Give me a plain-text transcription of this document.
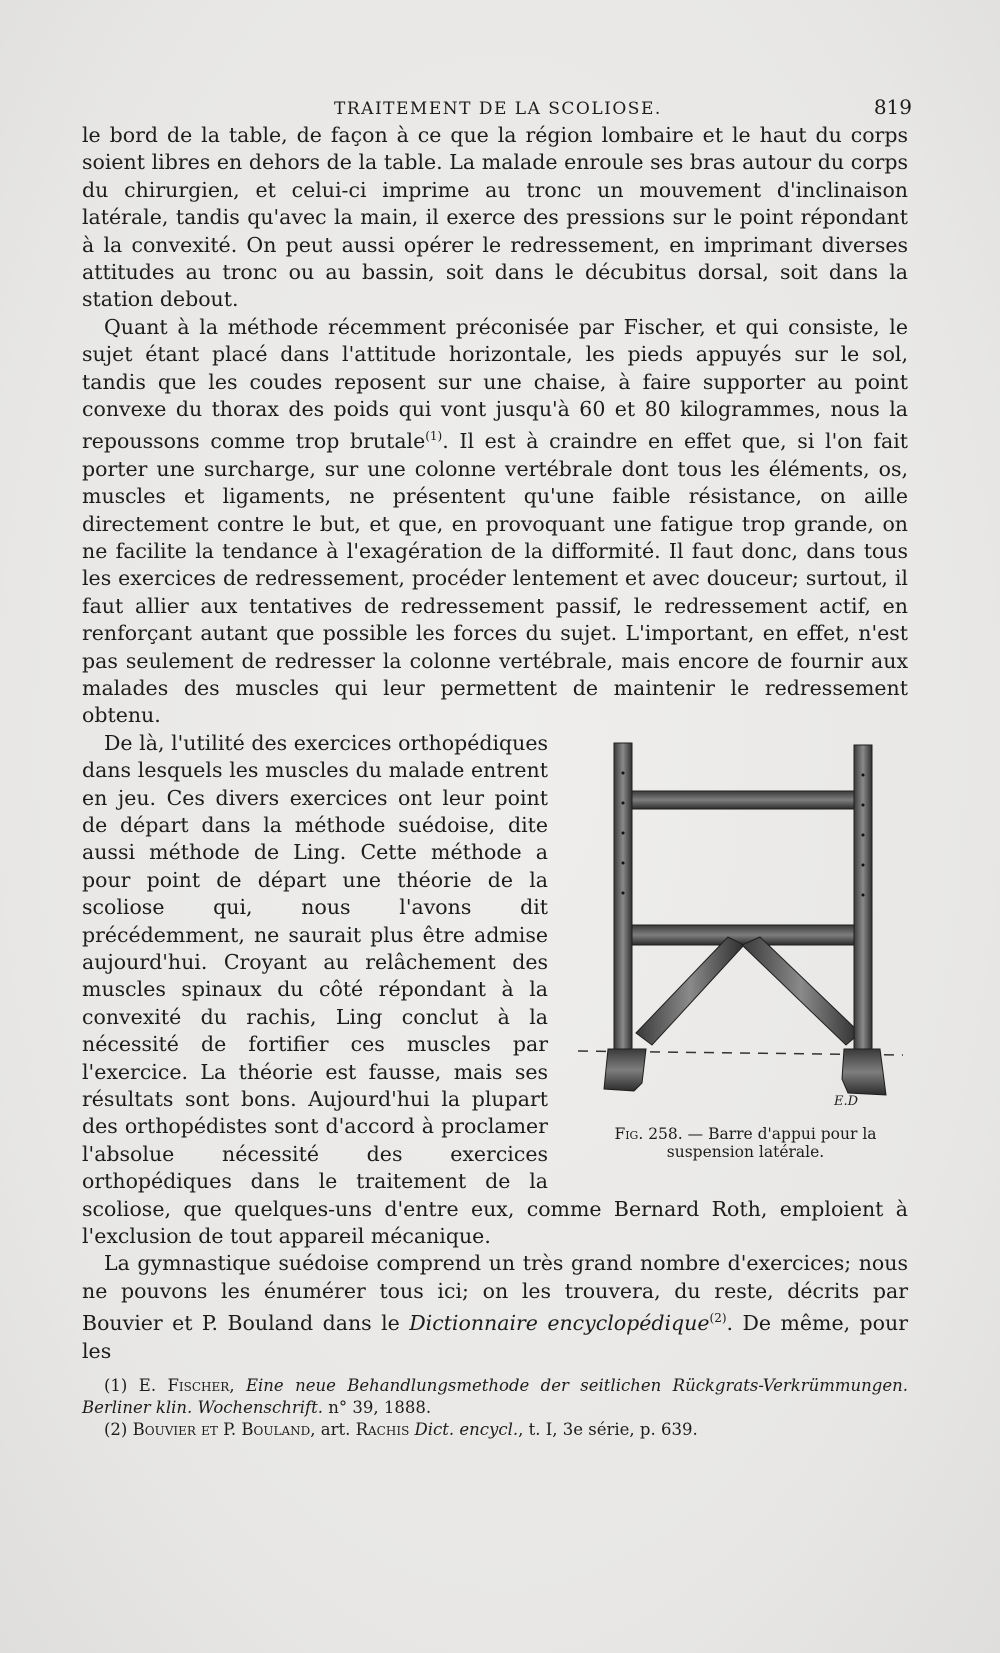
TRAITEMENT DE LA SCOLIOSE.	819

le bord de la table, de façon à ce que la région lombaire et le haut du corps soient libres en dehors de la table. La malade enroule ses bras autour du corps du chirurgien, et celui-ci imprime au tronc un mouvement d'inclinaison latérale, tandis qu'avec la main, il exerce des pressions sur le point répondant à la convexité. On peut aussi opérer le redressement, en imprimant diverses attitudes au tronc ou au bassin, soit dans le décubitus dorsal, soit dans la station debout.

Quant à la méthode récemment préconisée par Fischer, et qui consiste, le sujet étant placé dans l'attitude horizontale, les pieds appuyés sur le sol, tandis que les coudes reposent sur une chaise, à faire supporter au point convexe du thorax des poids qui vont jusqu'à 60 et 80 kilogrammes, nous la repoussons comme trop brutale$^{(1)}$. Il est à craindre en effet que, si l'on fait porter une surcharge, sur une colonne vertébrale dont tous les éléments, os, muscles et ligaments, ne présentent qu'une faible résistance, on aille directement contre le but, et que, en provoquant une fatigue trop grande, on ne facilite la tendance à l'exagération de la difformité. Il faut donc, dans tous les exercices de redressement, procéder lentement et avec douceur; surtout, il faut allier aux tentatives de redressement passif, le redressement actif, en renforçant autant que possible les forces du sujet. L'important, en effet, n'est pas seulement de redresser la colonne vertébrale, mais encore de fournir aux malades des muscles qui leur permettent de maintenir le redressement obtenu.

E.D
Fig. 258. — Barre d'appui pour la suspension latérale.

De là, l'utilité des exercices orthopédiques dans lesquels les muscles du malade entrent en jeu. Ces divers exercices ont leur point de départ dans la méthode suédoise, dite aussi méthode de Ling. Cette méthode a pour point de départ une théorie de la scoliose qui, nous l'avons dit précédemment, ne saurait plus être admise aujourd'hui. Croyant au relâchement des muscles spinaux du côté répondant à la convexité du rachis, Ling conclut à la nécessité de fortifier ces muscles par l'exercice. La théorie est fausse, mais ses résultats sont bons. Aujourd'hui la plupart des orthopédistes sont d'accord à proclamer l'absolue nécessité des exercices orthopédiques dans le traitement de la scoliose, que quelques-uns d'entre eux, comme Bernard Roth, emploient à l'exclusion de tout appareil mécanique.

La gymnastique suédoise comprend un très grand nombre d'exercices; nous ne pouvons les énumérer tous ici; on les trouvera, du reste, décrits par Bouvier et P. Bouland dans le Dictionnaire encyclopédique$^{(2)}$. De même, pour les

(1) E. Fischer, Eine neue Behandlungsmethode der seitlichen Rückgrats-Verkrümmungen. Berliner klin. Wochenschrift. n° 39, 1888.

(2) Bouvier et P. Bouland, art. Rachis Dict. encycl., t. I, 3e série, p. 639.
